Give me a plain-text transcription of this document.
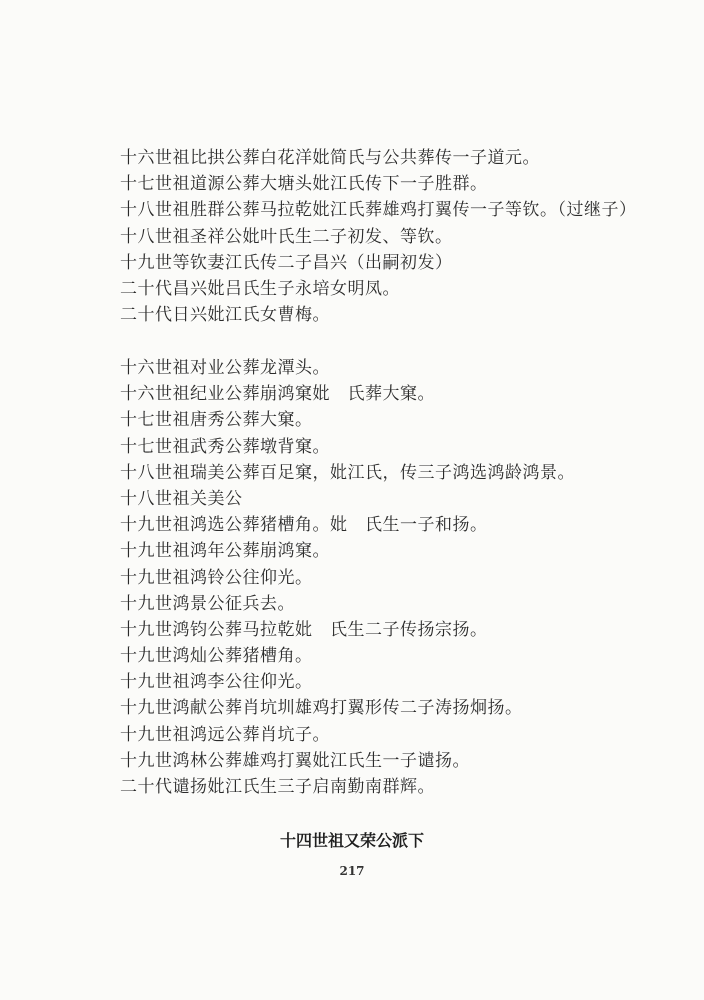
十六世祖比拱公葬白花洋妣简氏与公共葬传一子道元。
十七世祖道源公葬大塘头妣江氏传下一子胜群。
十八世祖胜群公葬马拉乾妣江氏葬雄鸡打翼传一子等钦。（过继子）
十八世祖圣祥公妣叶氏生二子初发、等钦。
十九世等钦妻江氏传二子昌兴（出嗣初发）
二十代昌兴妣吕氏生子永培女明凤。
二十代日兴妣江氏女曹梅。
十六世祖对业公葬龙潭头。
十六世祖纪业公葬崩鸿窠妣　氏葬大窠。
十七世祖唐秀公葬大窠。
十七世祖武秀公葬墩背窠。
十八世祖瑞美公葬百足窠，妣江氏，传三子鸿选鸿龄鸿景。
十八世祖关美公
十九世祖鸿选公葬猪槽角。妣　氏生一子和扬。
十九世祖鸿年公葬崩鸿窠。
十九世祖鸿铃公往仰光。
十九世鸿景公征兵去。
十九世鸿钧公葬马拉乾妣　氏生二子传扬宗扬。
十九世鸿灿公葬猪槽角。
十九世祖鸿李公往仰光。
十九世鸿献公葬肖坑圳雄鸡打翼形传二子涛扬炯扬。
十九世祖鸿远公葬肖坑子。
十九世鸿林公葬雄鸡打翼妣江氏生一子谴扬。
二十代谴扬妣江氏生三子启南勤南群辉。
十四世祖又荣公派下
217
